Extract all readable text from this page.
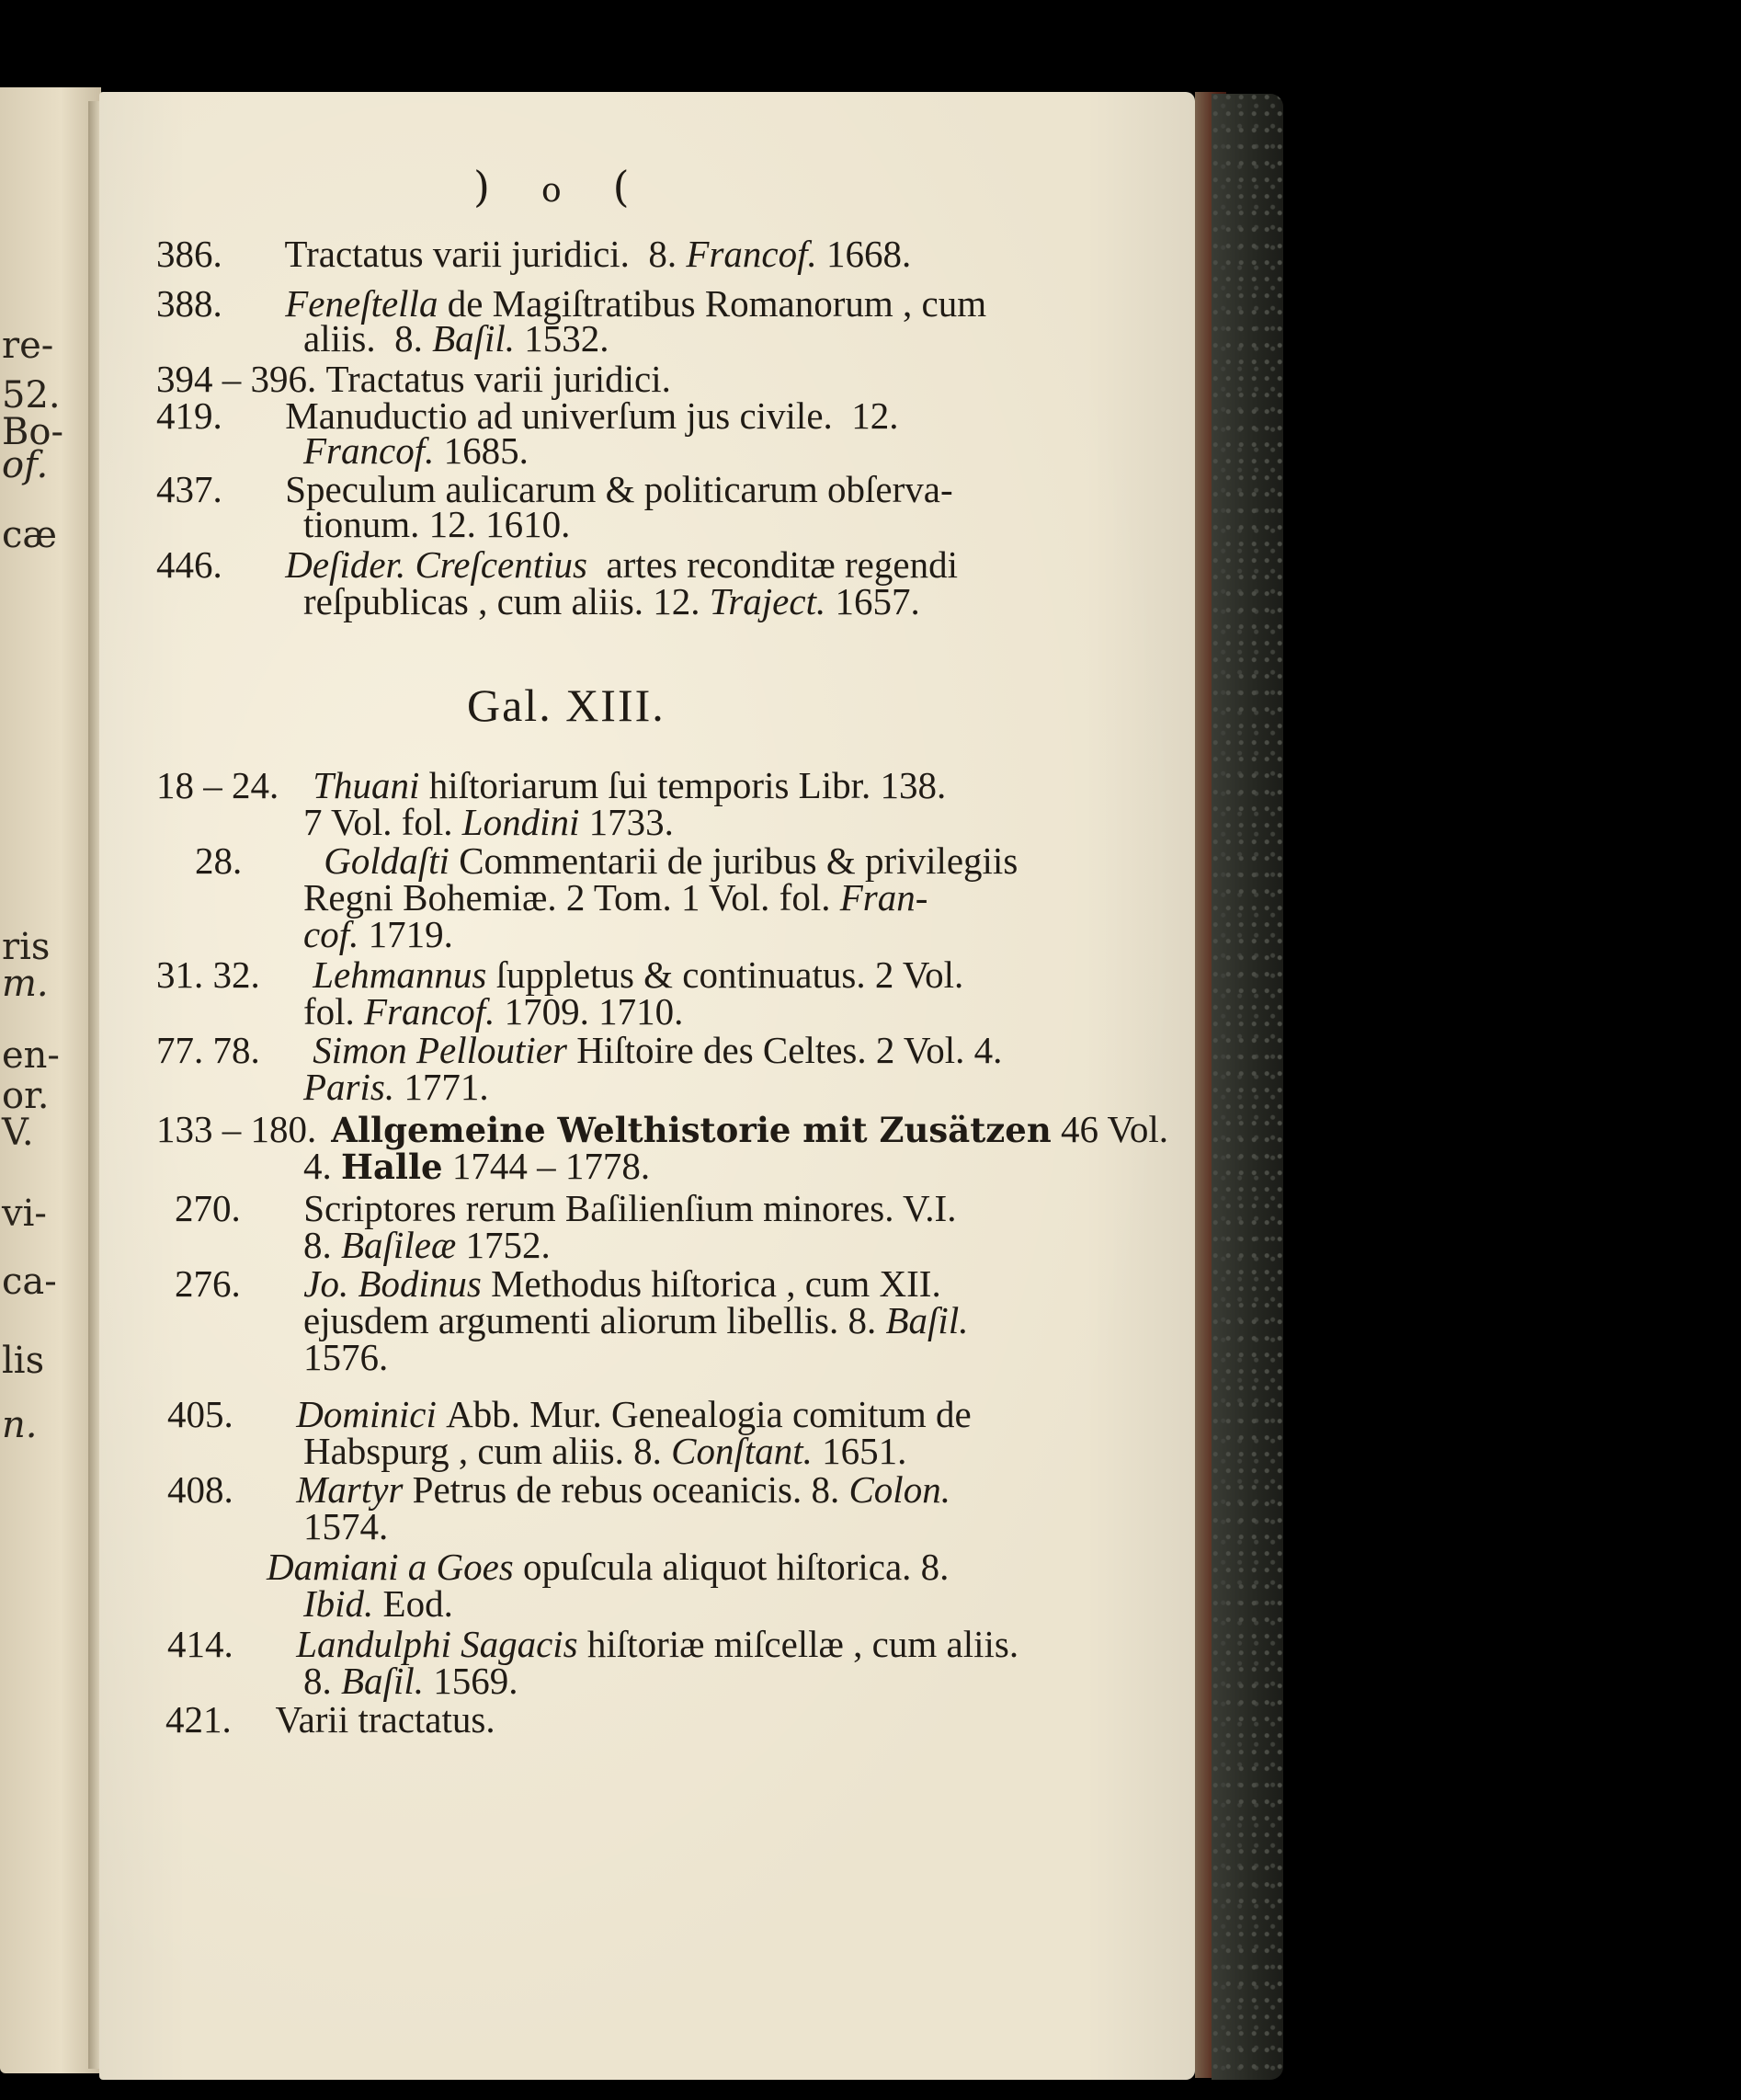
re-
52.
Bo-
of.
cæ
ris
m.
en-
or.
V.
vi-
ca-
lis
n.
) o (
386. Tractatus varii juridici. 8. Francof. 1668.
388. Feneſtella de Magiſtratibus Romanorum , cum
aliis. 8. Baſil. 1532.
394 – 396. Tractatus varii juridici.
419. Manuductio ad univerſum jus civile. 12.
Francof. 1685.
437. Speculum aulicarum & politicarum obſerva-
tionum. 12. 1610.
446. Deſider. Creſcentius artes reconditæ regendi
reſpublicas , cum aliis. 12. Traject. 1657.
Gal. XIII.
18 – 24. Thuani hiſtoriarum ſui temporis Libr. 138.
7 Vol. fol. Londini 1733.
28. Goldaſti Commentarii de juribus & privilegiis
Regni Bohemiæ. 2 Tom. 1 Vol. fol. Fran-
cof. 1719.
31. 32. Lehmannus ſuppletus & continuatus. 2 Vol.
fol. Francof. 1709. 1710.
77. 78. Simon Pelloutier Hiſtoire des Celtes. 2 Vol. 4.
Paris. 1771.
133 – 180. Allgemeine Welthistorie mit Zusätzen 46 Vol.
4. Halle 1744 – 1778.
270. Scriptores rerum Baſilienſium minores. V.I.
8. Baſileæ 1752.
276. Jo. Bodinus Methodus hiſtorica , cum XII.
ejusdem argumenti aliorum libellis. 8. Baſil.
1576.
405. Dominici Abb. Mur. Genealogia comitum de
Habspurg , cum aliis. 8. Conſtant. 1651.
408. Martyr Petrus de rebus oceanicis. 8. Colon.
1574.
Damiani a Goes opuſcula aliquot hiſtorica. 8.
Ibid. Eod.
414. Landulphi Sagacis hiſtoriæ miſcellæ , cum aliis.
8. Baſil. 1569.
421. Varii tractatus.
